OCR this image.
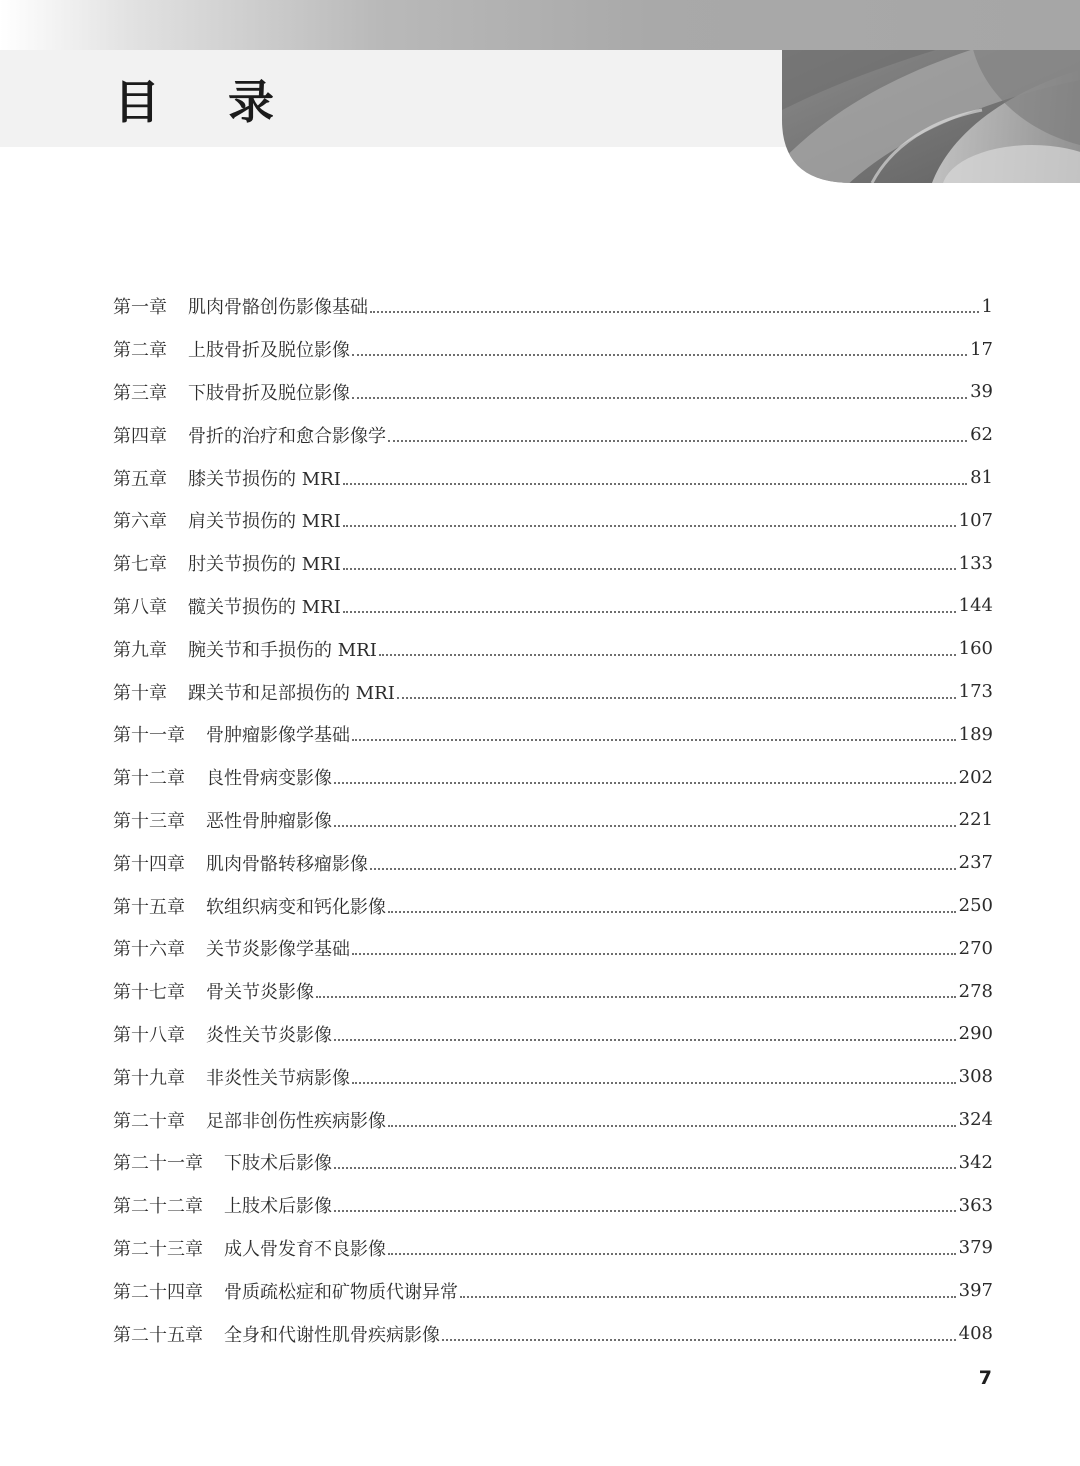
目录
第一章 肌肉骨骼创伤影像基础	1
第二章 上肢骨折及脱位影像	17
第三章 下肢骨折及脱位影像	39
第四章 骨折的治疗和愈合影像学	62
第五章 膝关节损伤的 MRI	81
第六章 肩关节损伤的 MRI	107
第七章 肘关节损伤的 MRI	133
第八章 髋关节损伤的 MRI	144
第九章 腕关节和手损伤的 MRI	160
第十章 踝关节和足部损伤的 MRI	173
第十一章 骨肿瘤影像学基础	189
第十二章 良性骨病变影像	202
第十三章 恶性骨肿瘤影像	221
第十四章 肌肉骨骼转移瘤影像	237
第十五章 软组织病变和钙化影像	250
第十六章 关节炎影像学基础	270
第十七章 骨关节炎影像	278
第十八章 炎性关节炎影像	290
第十九章 非炎性关节病影像	308
第二十章 足部非创伤性疾病影像	324
第二十一章 下肢术后影像	342
第二十二章 上肢术后影像	363
第二十三章 成人骨发育不良影像	379
第二十四章 骨质疏松症和矿物质代谢异常	397
第二十五章 全身和代谢性肌骨疾病影像	408
7
